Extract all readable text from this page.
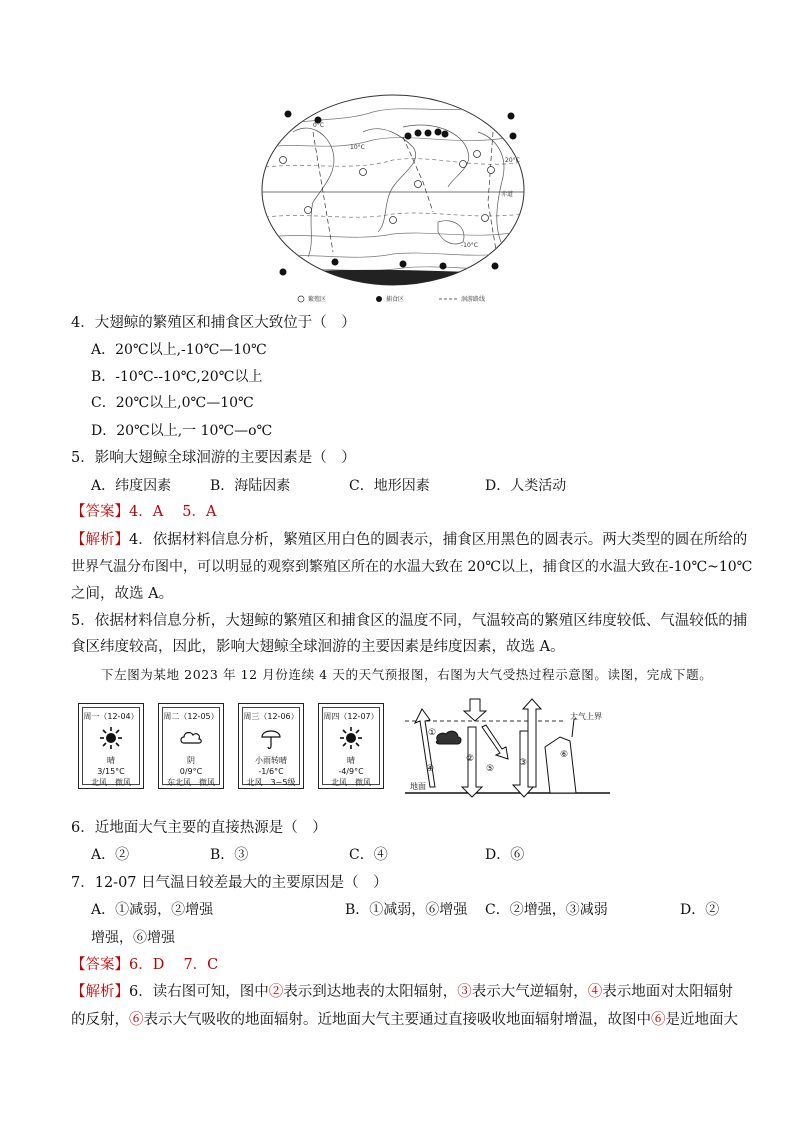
赤道
20°C
10°C
0°C
-10°C
繁殖区	捕食区	洄游路线
4．大翅鲸的繁殖区和捕食区大致位于（　）
A．20℃以上,-10℃—10℃
B．-10℃--10℃,20℃以上
C．20℃以上,0℃—10℃
D．20℃以上,一 10℃—o℃
5．影响大翅鲸全球洄游的主要因素是（　）
A．纬度因素	B．海陆因素	C．地形因素	D．人类活动
【答案】4．A　 5．A
【解析】4．依据材料信息分析，繁殖区用白色的圆表示，捕食区用黑色的圆表示。两大类型的圆在所给的
世界气温分布图中，可以明显的观察到繁殖区所在的水温大致在 20℃以上，捕食区的水温大致在-10℃~10℃
之间，故选 A。
5．依据材料信息分析，大翅鲸的繁殖区和捕食区的温度不同，气温较高的繁殖区纬度较低、气温较低的捕
食区纬度较高，因此，影响大翅鲸全球洄游的主要因素是纬度因素，故选 A。
下左图为某地 2023 年 12 月份连续 4 天的天气预报图，右图为大气受热过程示意图。读图，完成下题。
周一（12-04）
晴
3/15°C
北风　微风
周二（12-05）
阴
0/9°C
东北风　微风
周三（12-06）
小雨转晴
-1/6°C
北风　3~5级
周四（12-07）
晴
-4/9°C
北风　微风
大气上界
地面
①
②	③
④	⑤
⑥
6．近地面大气主要的直接热源是（　）
A．②	B．③	C．④	D．⑥
7．12-07 日气温日较差最大的主要原因是（　）
A．①减弱，②增强	B．①减弱，⑥增强 C．②增强，③减弱	D．②
增强，⑥增强
【答案】6．D　 7．C
【解析】6．读右图可知，图中②表示到达地表的太阳辐射，③表示大气逆辐射，④表示地面对太阳辐射
的反射，⑥表示大气吸收的地面辐射。近地面大气主要通过直接吸收地面辐射增温，故图中⑥是近地面大
